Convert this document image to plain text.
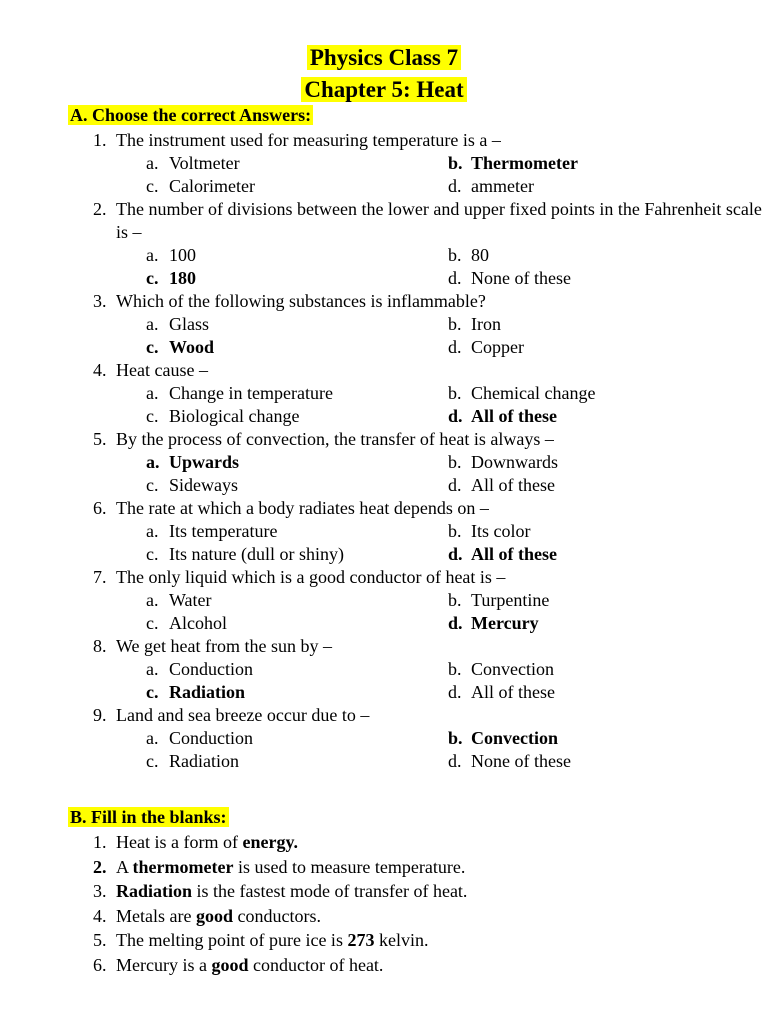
Physics Class 7
Chapter 5: Heat
A. Choose the correct Answers:
1. The instrument used for measuring temperature is a –
a. Voltmeter	b. Thermometer
c. Calorimeter	d. ammeter
2. The number of divisions between the lower and upper fixed points in the Fahrenheit scale is –
a. 100	b. 80
c. 180	d. None of these
3. Which of the following substances is inflammable?
a. Glass	b. Iron
c. Wood	d. Copper
4. Heat cause –
a. Change in temperature	b. Chemical change
c. Biological change	d. All of these
5. By the process of convection, the transfer of heat is always –
a. Upwards	b. Downwards
c. Sideways	d. All of these
6. The rate at which a body radiates heat depends on –
a. Its temperature	b. Its color
c. Its nature (dull or shiny)	d. All of these
7. The only liquid which is a good conductor of heat is –
a. Water	b. Turpentine
c. Alcohol	d. Mercury
8. We get heat from the sun by –
a. Conduction	b. Convection
c. Radiation	d. All of these
9. Land and sea breeze occur due to –
a. Conduction	b. Convection
c. Radiation	d. None of these
B. Fill in the blanks:
1. Heat is a form of energy.
2. A thermometer is used to measure temperature.
3. Radiation is the fastest mode of transfer of heat.
4. Metals are good conductors.
5. The melting point of pure ice is 273 kelvin.
6. Mercury is a good conductor of heat.
